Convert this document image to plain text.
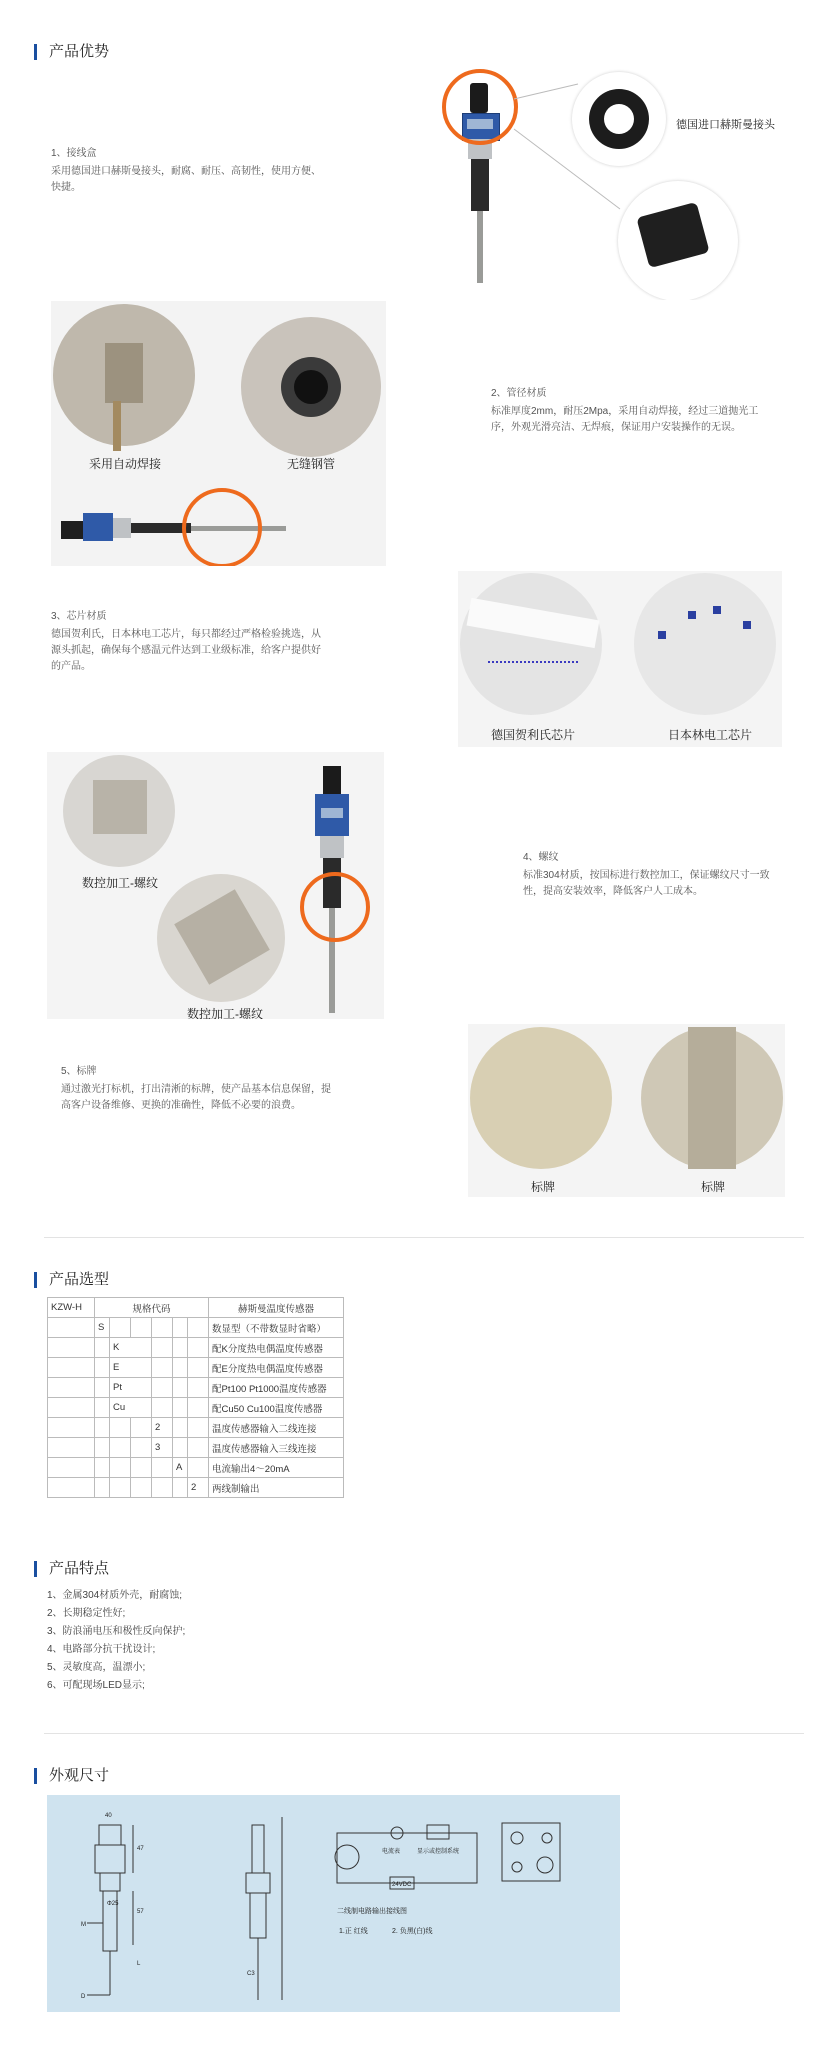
产品优势
1、接线盒
采用德国进口赫斯曼接头，耐腐、耐压、高韧性，使用方便、快捷。
德国进口赫斯曼接头
采用自动焊接	无缝钢管
2、管径材质
标准厚度2mm，耐压2Mpa，采用自动焊接，经过三道抛光工序，外观光滑亮洁、无焊痕，保证用户安装操作的无误。
3、芯片材质
德国贺利氏，日本林电工芯片，每只都经过严格检验挑选，从源头抓起，确保每个感温元件达到工业级标准，给客户提供好的产品。
德国贺利氏芯片	日本林电工芯片
数控加工-螺纹
数控加工-螺纹
4、螺纹
标准304材质，按国标进行数控加工，保证螺纹尺寸一致性，提高安装效率，降低客户人工成本。
5、标牌
通过激光打标机，打出清淅的标牌，使产品基本信息保留，提高客户设备维修、更换的准确性，降低不必要的浪费。
标牌	标牌
产品选型
KZW-H	规格代码						赫斯曼温度传感器
	S						数显型（不带数显时省略）
		K					配K分度热电偶温度传感器
		E					配E分度热电偶温度传感器
		Pt					配Pt100 Pt1000温度传感器
		Cu					配Cu50 Cu100温度传感器
				2			温度传感器输入二线连接
				3			温度传感器输入三线连接
					A		电流输出4～20mA
						2	两线制输出
产品特点
1、金属304材质外壳，耐腐蚀;
2、长期稳定性好;
3、防浪涌电压和极性反向保护;
4、电路部分抗干扰设计;
5、灵敏度高，温漂小;
6、可配现场LED显示;
外观尺寸
40
47
Φ25
57
M
L
D
C3
电流表	显示或控制系统
24VDC
二线制电路输出接线图
1.正 红线	2. 负黑(白)线
